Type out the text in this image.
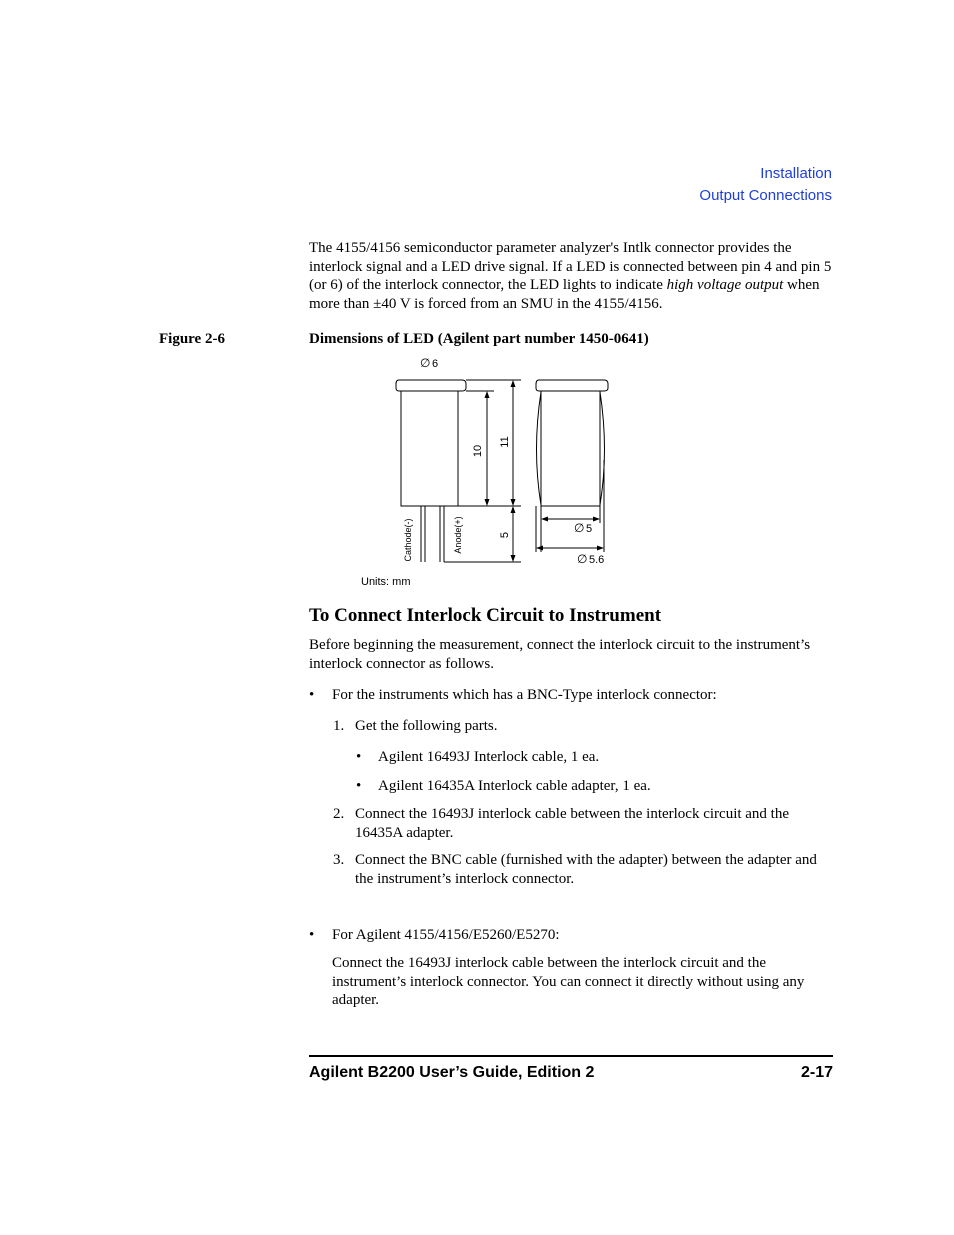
Installation
Output Connections
The 4155/4156 semiconductor parameter analyzer's Intlk connector provides the interlock signal and a LED drive signal. If a LED is connected between pin 4 and pin 5 (or 6) of the interlock connector, the LED lights to indicate high voltage output when more than ±40 V is forced from an SMU in the 4155/4156.
Figure 2-6	Dimensions of LED (Agilent part number 1450-0641)
∅ 6
10
11
5
Cathode(-)	Anode(+)	∅ 5
∅ 5.6
Units: mm
To Connect Interlock Circuit to Instrument
Before beginning the measurement, connect the interlock circuit to the instrument’s interlock connector as follows.
• For the instruments which has a BNC-Type interlock connector:
1. Get the following parts.
• Agilent 16493J Interlock cable, 1 ea.
• Agilent 16435A Interlock cable adapter, 1 ea.
2. Connect the 16493J interlock cable between the interlock circuit and the 16435A adapter.
3. Connect the BNC cable (furnished with the adapter) between the adapter and the instrument’s interlock connector.
• For Agilent 4155/4156/E5260/E5270:
Connect the 16493J interlock cable between the interlock circuit and the instrument’s interlock connector. You can connect it directly without using any adapter.
Agilent B2200 User’s Guide, Edition 2	2-17
